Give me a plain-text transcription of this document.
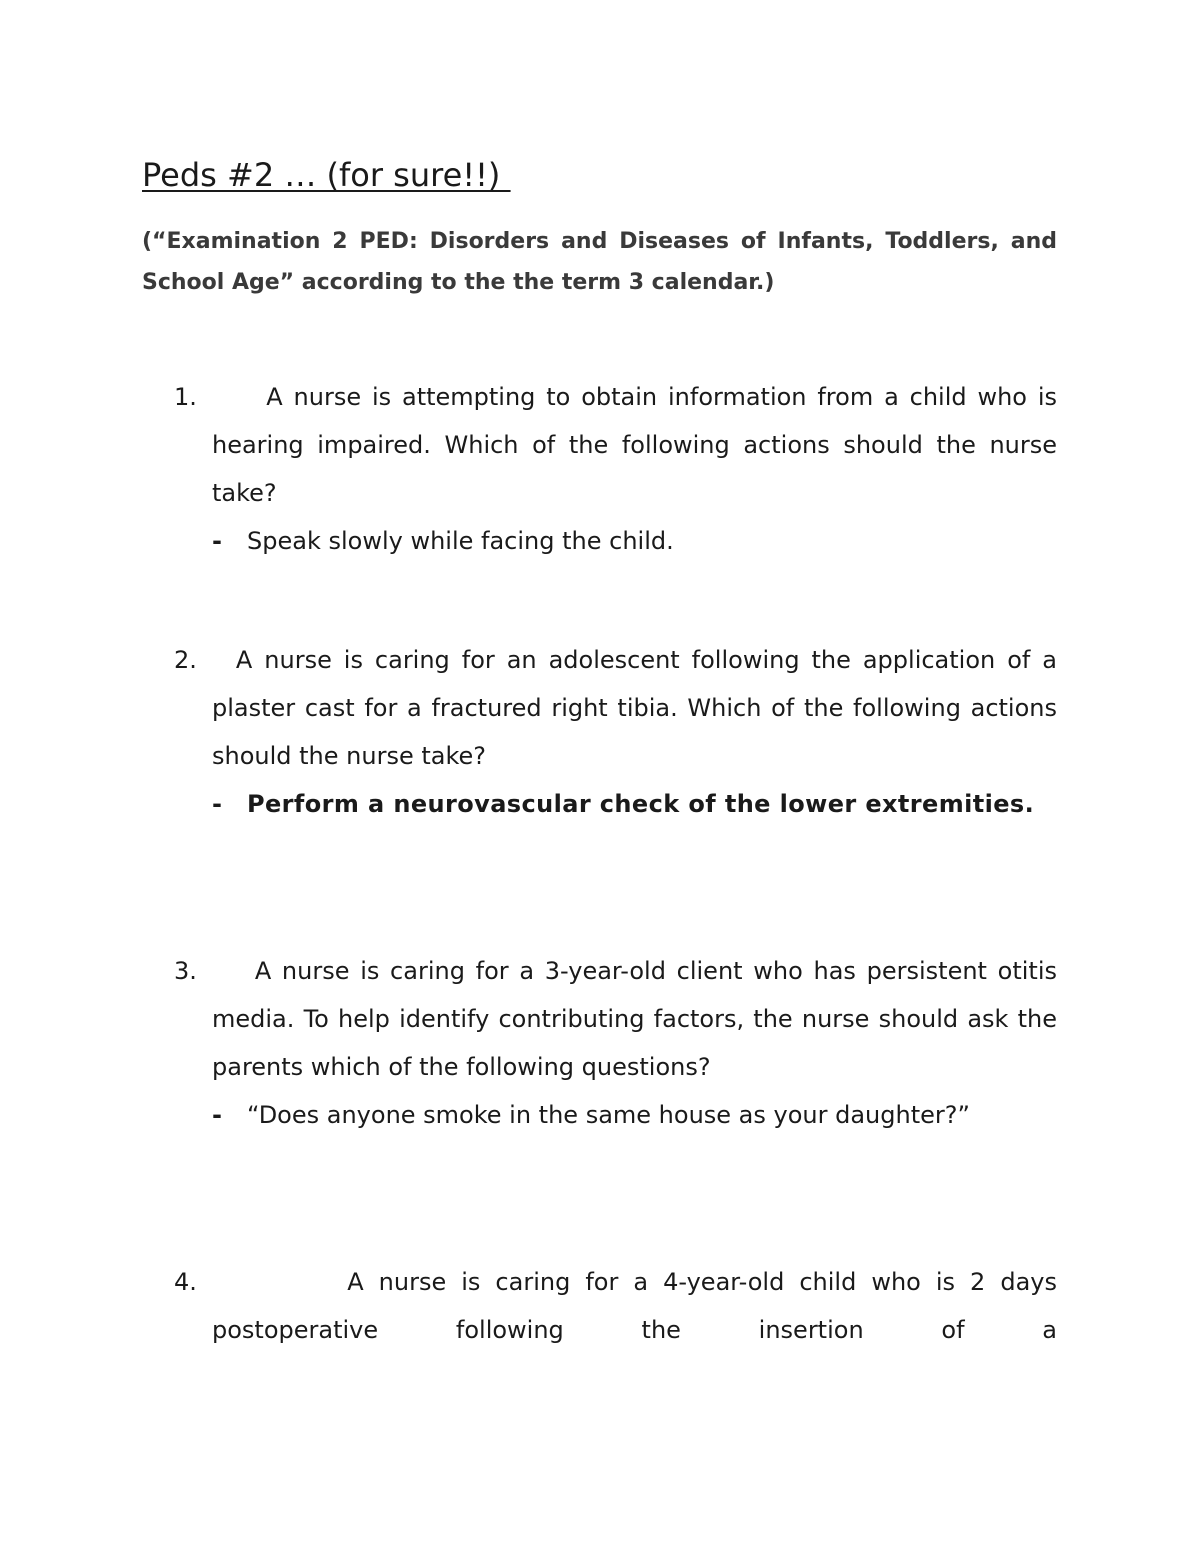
Peds #2 … (for sure!!)

(“Examination 2 PED: Disorders and Diseases of Infants, Toddlers, and School Age” according to the the term 3 calendar.)

1.	A nurse is attempting to obtain information from a child who is hearing impaired. Which of the following actions should the nurse take?

- Speak slowly while facing the child.

2.	A nurse is caring for an adolescent following the application of a plaster cast for a fractured right tibia. Which of the following actions should the nurse take?

- Perform a neurovascular check of the lower extremities.

3.	A nurse is caring for a 3-year-old client who has persistent otitis media. To help identify contributing factors, the nurse should ask the parents which of the following questions?

- “Does anyone smoke in the same house as your daughter?”

4.	A nurse is caring for a 4-year-old child who is 2 days postoperative following the insertion of a
